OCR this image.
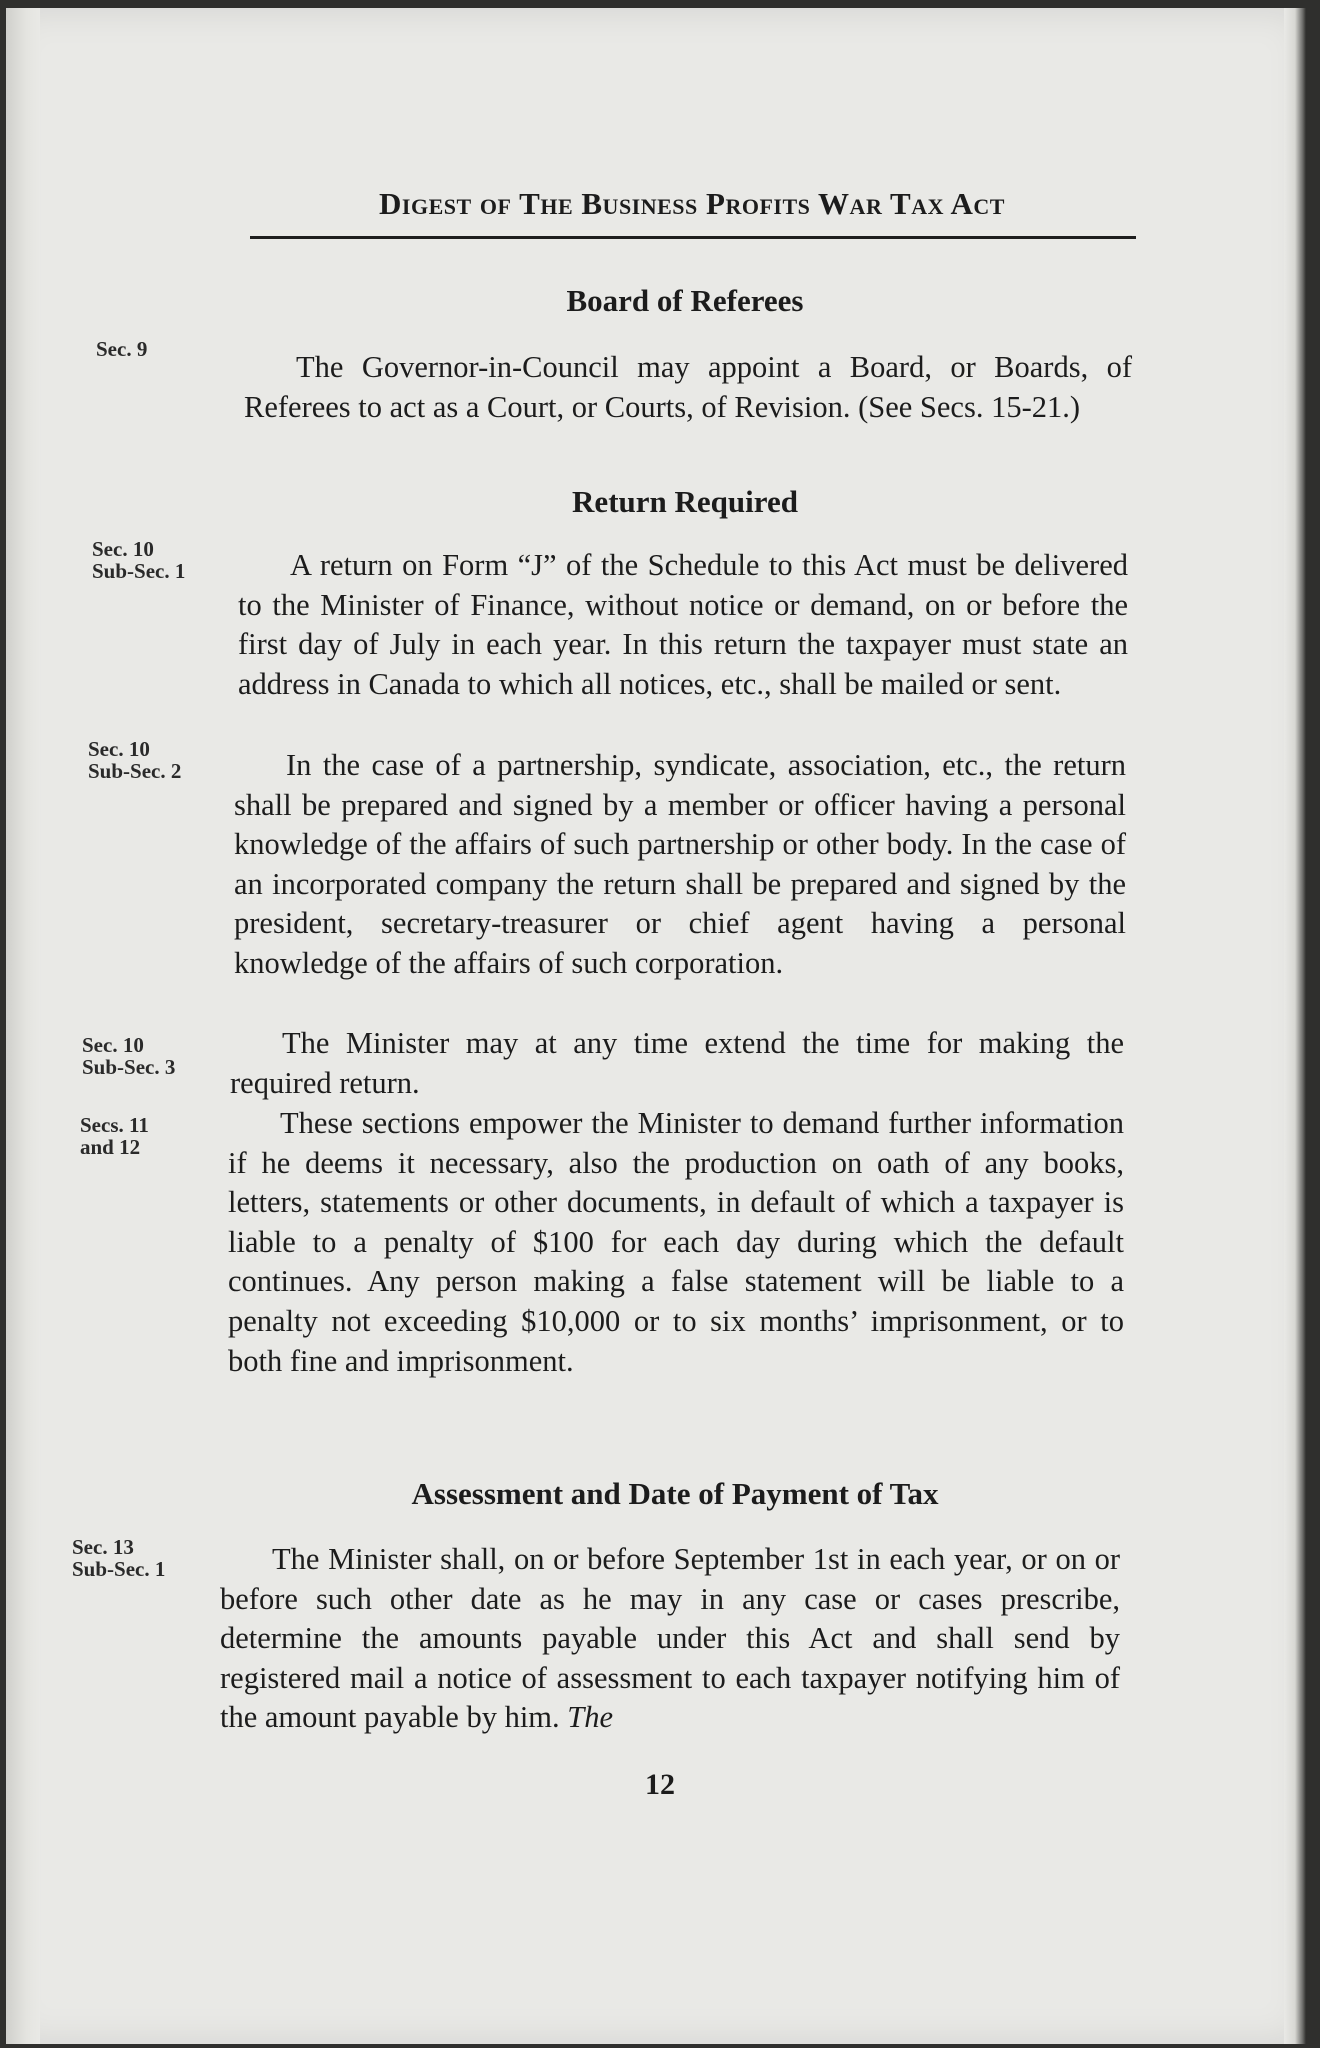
Digest of The Business Profits War Tax Act
Board of Referees
Sec. 9
The Governor-in-Council may appoint a Board, or Boards, of Referees to act as a Court, or Courts, of Revision. (See Secs. 15-21.)
Return Required
Sec. 10
Sub-Sec. 1	A return on Form “J” of the Schedule to this Act must be delivered to the Minister of Finance, without notice or demand, on or before the first day of July in each year. In this return the taxpayer must state an address in Canada to which all notices, etc., shall be mailed or sent.
Sec. 10
Sub-Sec. 2	In the case of a partnership, syndicate, association, etc., the return shall be prepared and signed by a member or officer having a personal knowledge of the affairs of such partnership or other body. In the case of an incorporated company the return shall be prepared and signed by the president, secretary-treasurer or chief agent having a personal knowledge of the affairs of such corporation.
Sec. 10
Sub-Sec. 3
The Minister may at any time extend the time for making the required return.
Secs. 11
and 12
These sections empower the Minister to demand further information if he deems it necessary, also the production on oath of any books, letters, statements or other documents, in default of which a taxpayer is liable to a penalty of $100 for each day during which the default continues. Any person making a false statement will be liable to a penalty not exceeding $10,000 or to six months’ imprisonment, or to both fine and imprisonment.
Assessment and Date of Payment of Tax
Sec. 13
Sub-Sec. 1	The Minister shall, on or before September 1st in each year, or on or before such other date as he may in any case or cases prescribe, determine the amounts payable under this Act and shall send by registered mail a notice of assessment to each taxpayer notifying him of the amount payable by him. The
12
